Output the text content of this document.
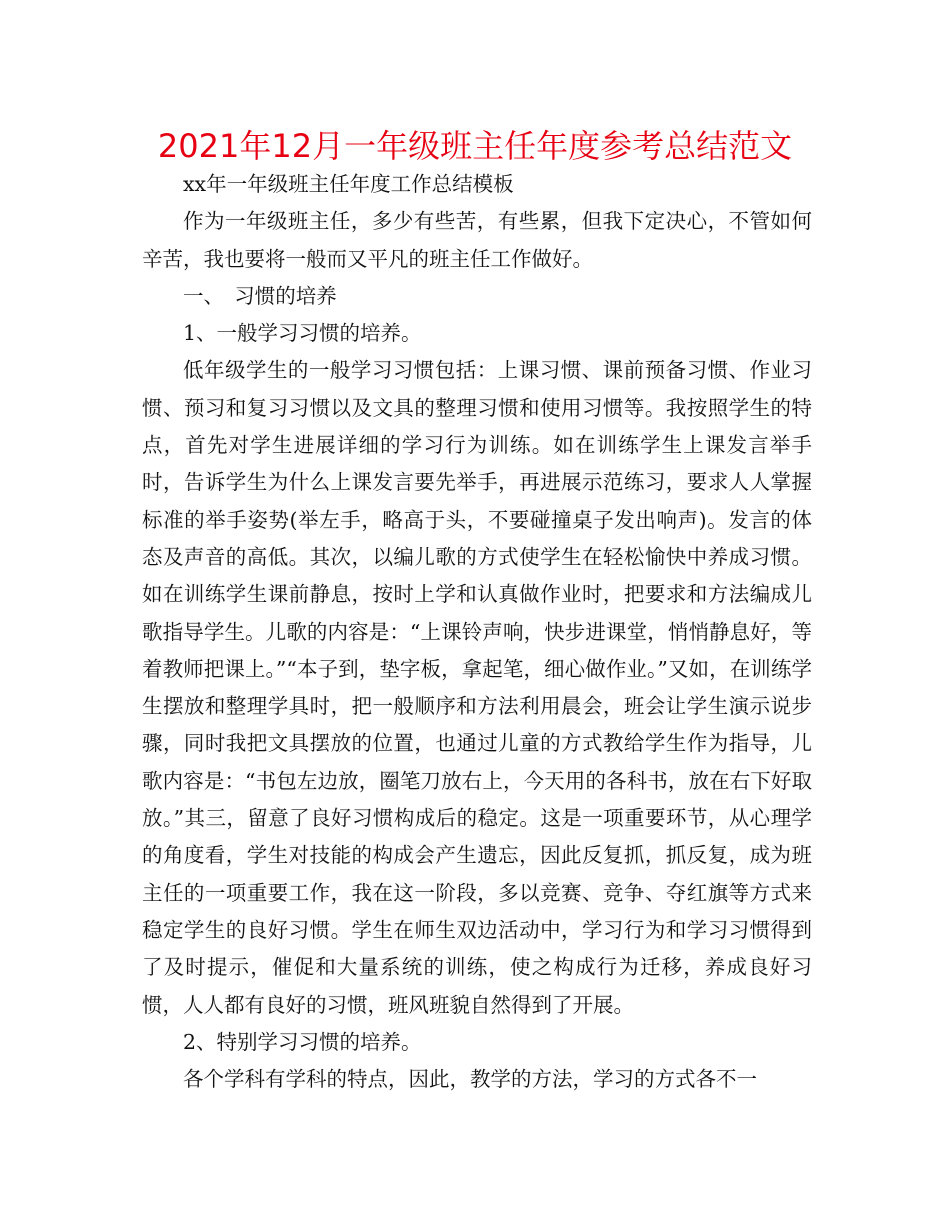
2021年12月一年级班主任年度参考总结范文

xx年一年级班主任年度工作总结模板

作为一年级班主任，多少有些苦，有些累，但我下定决心，不管如何辛苦，我也要将一般而又平凡的班主任工作做好。

一、　习惯的培养

1、一般学习习惯的培养。

低年级学生的一般学习习惯包括：上课习惯、课前预备习惯、作业习惯、预习和复习习惯以及文具的整理习惯和使用习惯等。我按照学生的特点，首先对学生进展详细的学习行为训练。如在训练学生上课发言举手时，告诉学生为什么上课发言要先举手，再进展示范练习，要求人人掌握标准的举手姿势(举左手，略高于头，不要碰撞桌子发出响声)。发言的体态及声音的高低。其次，以编儿歌的方式使学生在轻松愉快中养成习惯。如在训练学生课前静息，按时上学和认真做作业时，把要求和方法编成儿歌指导学生。儿歌的内容是：“上课铃声响，快步进课堂，悄悄静息好，等着教师把课上。”“本子到，垫字板，拿起笔，细心做作业。”又如，在训练学生摆放和整理学具时，把一般顺序和方法利用晨会，班会让学生演示说步骤，同时我把文具摆放的位置，也通过儿童的方式教给学生作为指导，儿歌内容是：“书包左边放，圈笔刀放右上，今天用的各科书，放在右下好取放。”其三，留意了良好习惯构成后的稳定。这是一项重要环节，从心理学的角度看，学生对技能的构成会产生遗忘，因此反复抓，抓反复，成为班主任的一项重要工作，我在这一阶段，多以竞赛、竞争、夺红旗等方式来稳定学生的良好习惯。学生在师生双边活动中，学习行为和学习习惯得到了及时提示，催促和大量系统的训练，使之构成行为迁移，养成良好习惯，人人都有良好的习惯，班风班貌自然得到了开展。

2、特别学习习惯的培养。

各个学科有学科的特点，因此，教学的方法，学习的方式各不一
